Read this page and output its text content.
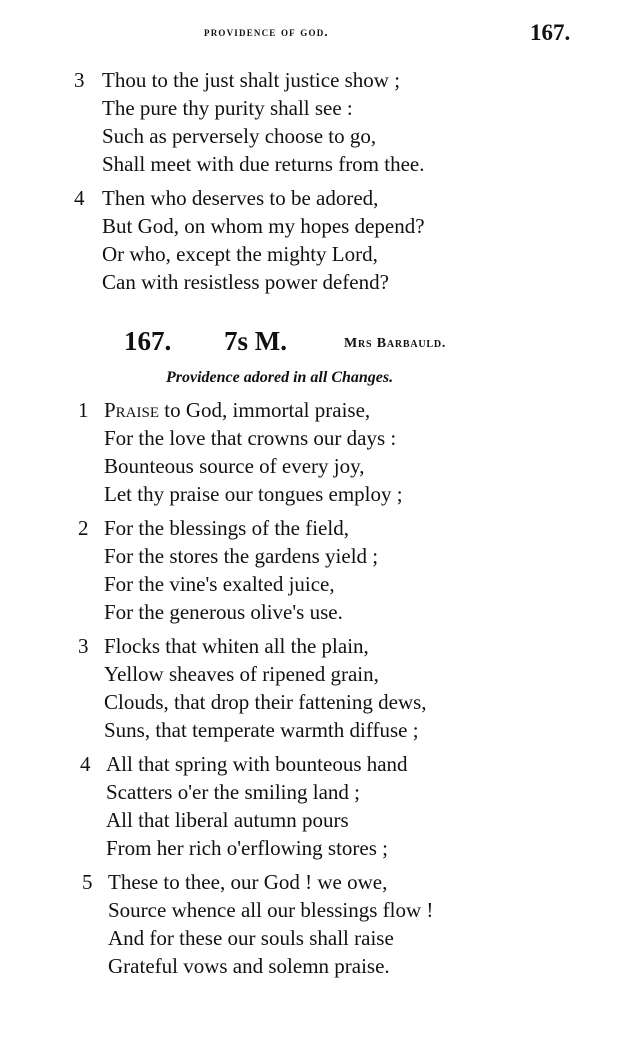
providence of god.	167.
3 Thou to the just shalt justice show ;
The pure thy purity shall see :
Such as perversely choose to go,
Shall meet with due returns from thee.
4 Then who deserves to be adored,
But God, on whom my hopes depend?
Or who, except the mighty Lord,
Can with resistless power defend?
167. 7s M.	Mrs Barbauld.
Providence adored in all Changes.
1 Praise to God, immortal praise,
For the love that crowns our days :
Bounteous source of every joy,
Let thy praise our tongues employ ;
2 For the blessings of the field,
For the stores the gardens yield ;
For the vine's exalted juice,
For the generous olive's use.
3 Flocks that whiten all the plain,
Yellow sheaves of ripened grain,
Clouds, that drop their fattening dews,
Suns, that temperate warmth diffuse ;
4 All that spring with bounteous hand
Scatters o'er the smiling land ;
All that liberal autumn pours
From her rich o'erflowing stores ;
5 These to thee, our God ! we owe,
Source whence all our blessings flow !
And for these our souls shall raise
Grateful vows and solemn praise.
